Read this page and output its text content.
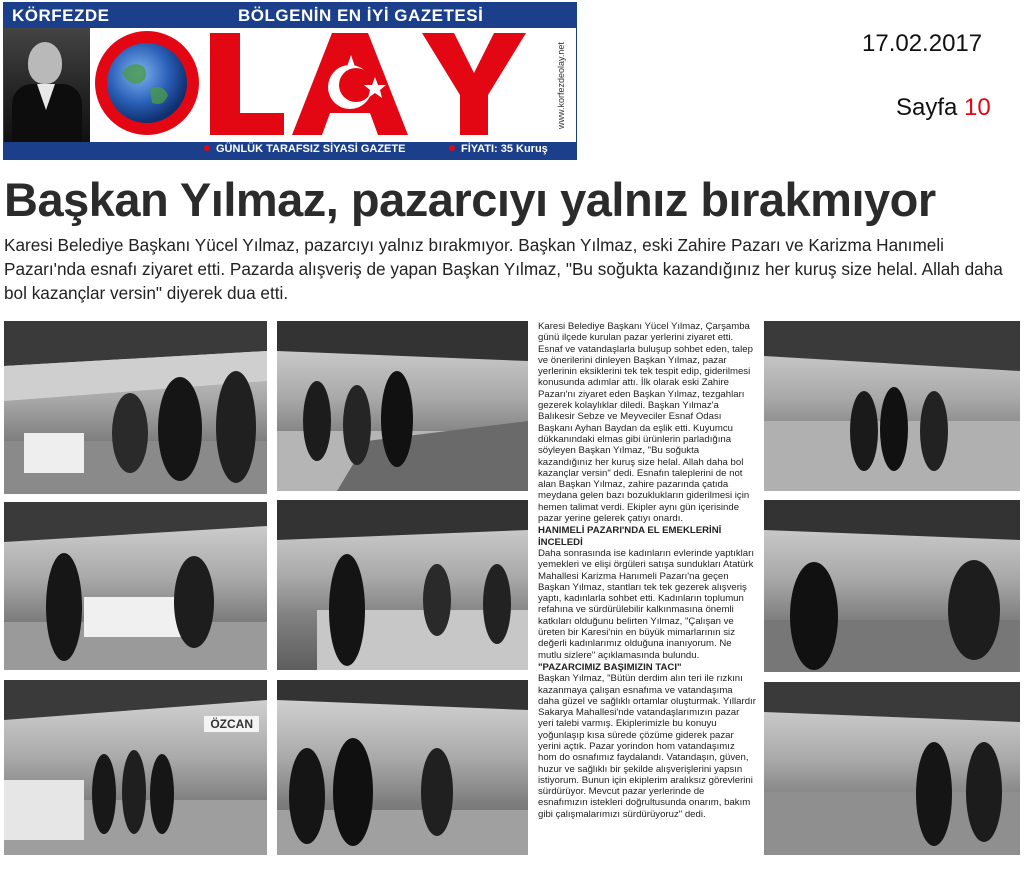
KÖRFEZDE	BÖLGENİN EN İYİ GAZETESİ
www.korfezdeolay.net
GÜNLÜK TARAFSIZ SİYASİ GAZETE	FİYATI: 35 Kuruş
17.02.2017
Sayfa 10
Başkan Yılmaz, pazarcıyı yalnız bırakmıyor
Karesi Belediye Başkanı Yücel Yılmaz, pazarcıyı yalnız bırakmıyor. Başkan Yılmaz, eski Zahire Pazarı ve Karizma Hanımeli Pazarı'nda esnafı ziyaret etti. Pazarda alışveriş de yapan Başkan Yılmaz, "Bu soğukta kazandığınız her kuruş size helal. Allah daha bol kazançlar versin" diyerek dua etti.
ÖZCAN

Karesi Belediye Başkanı Yücel Yılmaz, Çarşamba günü ilçede kurulan pazar yerlerini ziyaret etti. Esnaf ve vatandaşlarla buluşup sohbet eden, talep ve önerilerini dinleyen Başkan Yılmaz, pazar yerlerinin eksiklerini tek tek tespit edip, giderilmesi konusunda adımlar attı. İlk olarak eski Zahire Pazarı'nı ziyaret eden Başkan Yılmaz, tezgahları gezerek kolaylıklar diledi. Başkan Yılmaz'a Balıkesir Sebze ve Meyveciler Esnaf Odası Başkanı Ayhan Baydan da eşlik etti. Kuyumcu dükkanındaki elmas gibi ürünlerin parladığına söyleyen Başkan Yılmaz, "Bu soğukta kazandığınız her kuruş size helal. Allah daha bol kazançlar versin" dedi. Esnafın taleplerini de not alan Başkan Yılmaz, zahire pazarında çatıda meydana gelen bazı bozuklukların giderilmesi için hemen talimat verdi. Ekipler aynı gün içerisinde pazar yerine gelerek çatıyı onardı.

HANIMELİ PAZARI'NDA EL EMEKLERİNİ İNCELEDİ

Daha sonrasında ise kadınların evlerinde yaptıkları yemekleri ve elişi örgüleri satışa sundukları Atatürk Mahallesi Karizma Hanımeli Pazarı'na geçen Başkan Yılmaz, stantları tek tek gezerek alışveriş yaptı, kadınlarla sohbet etti. Kadınların toplumun refahına ve sürdürülebilir kalkınmasına önemli katkıları olduğunu belirten Yılmaz, "Çalışan ve üreten bir Karesi'nin en büyük mimarlarının siz değerli kadınlarımız olduğuna inanıyorum. Ne mutlu sizlere" açıklamasında bulundu.

"PAZARCIMIZ BAŞIMIZIN TACI"

Başkan Yılmaz, "Bütün derdim alın teri ile rızkını kazanmaya çalışan esnafıma ve vatandaşıma daha güzel ve sağlıklı ortamlar oluşturmak. Yıllardır Sakarya Mahallesi'nde vatandaşlarımızın pazar yeri talebi varmış. Ekiplerimizle bu konuyu yoğunlaşıp kısa sürede çözüme giderek pazar yerini açtık. Pazar yorindon hom vatandaşımız hom do osnafımız faydalandı. Vatandaşın, güven, huzur ve sağlıklı bir şekilde alışverişlerini yapsın istiyorum. Bunun için ekiplerim aralıksız görevlerini sürdürüyor. Mevcut pazar yerlerinde de esnafımızın istekleri doğrultusunda onarım, bakım gibi çalışmalarımızı sürdürüyoruz" dedi.
